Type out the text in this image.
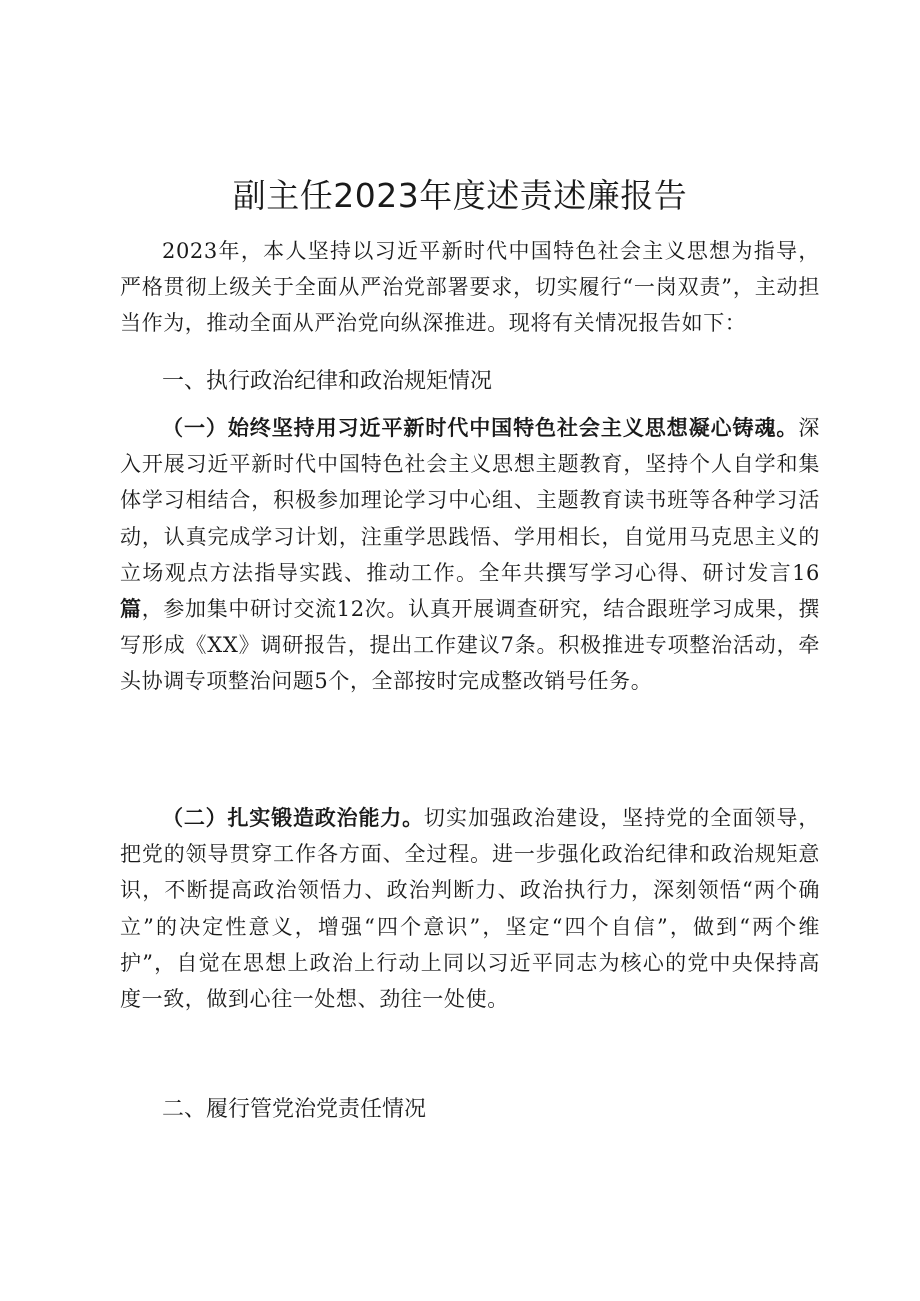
副主任2023年度述责述廉报告

2023年，本人坚持以习近平新时代中国特色社会主义思想为指导，严格贯彻上级关于全面从严治党部署要求，切实履行“一岗双责”，主动担当作为，推动全面从严治党向纵深推进。现将有关情况报告如下：

一、执行政治纪律和政治规矩情况

（一）始终坚持用习近平新时代中国特色社会主义思想凝心铸魂。深入开展习近平新时代中国特色社会主义思想主题教育，坚持个人自学和集体学习相结合，积极参加理论学习中心组、主题教育读书班等各种学习活动，认真完成学习计划，注重学思践悟、学用相长，自觉用马克思主义的立场观点方法指导实践、推动工作。全年共撰写学习心得、研讨发言16篇，参加集中研讨交流12次。认真开展调查研究，结合跟班学习成果，撰写形成《XX》调研报告，提出工作建议7条。积极推进专项整治活动，牵头协调专项整治问题5个，全部按时完成整改销号任务。

（二）扎实锻造政治能力。切实加强政治建设，坚持党的全面领导，把党的领导贯穿工作各方面、全过程。进一步强化政治纪律和政治规矩意识，不断提高政治领悟力、政治判断力、政治执行力，深刻领悟“两个确立”的决定性意义，增强“四个意识”，坚定“四个自信”，做到“两个维护”，自觉在思想上政治上行动上同以习近平同志为核心的党中央保持高度一致，做到心往一处想、劲往一处使。

二、履行管党治党责任情况
